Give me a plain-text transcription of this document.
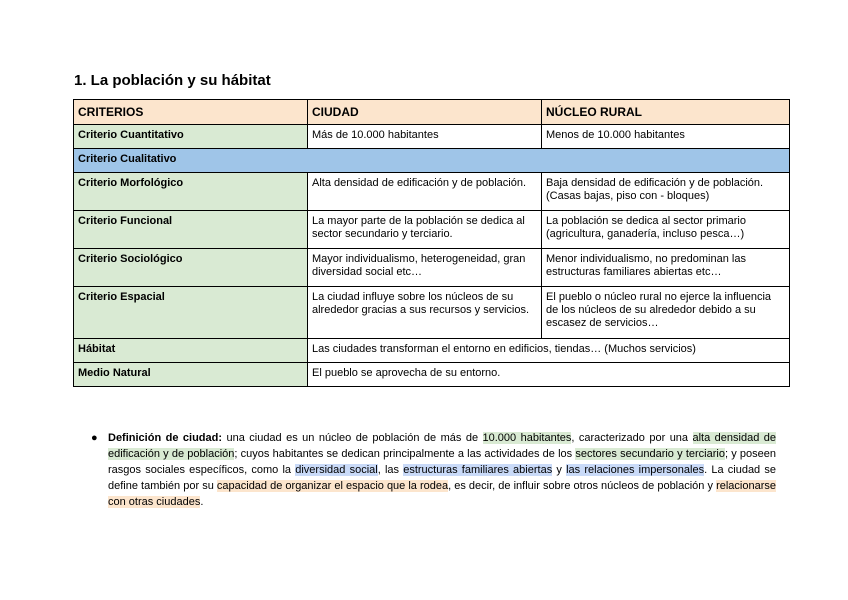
1. La población y su hábitat
CRITERIOS	CIUDAD	NÚCLEO RURAL
Criterio Cuantitativo	Más de 10.000 habitantes	Menos de 10.000 habitantes
Criterio Cualitativo		
Criterio Morfológico	Alta densidad de edificación y de población.	Baja densidad de edificación y de población. (Casas bajas, piso con - bloques)
Criterio Funcional	La mayor parte de la población se dedica al sector secundario y terciario.	La población se dedica al sector primario (agricultura, ganadería, incluso pesca…)
Criterio Sociológico	Mayor individualismo, heterogeneidad, gran diversidad social etc…	Menor individualismo, no predominan las estructuras familiares abiertas etc…
Criterio Espacial	La ciudad influye sobre los núcleos de su alrededor gracias a sus recursos y servicios.	El pueblo o núcleo rural no ejerce la influencia de los núcleos de su alrededor debido a su escasez de servicios…
Hábitat	Las ciudades transforman el entorno en edificios, tiendas… (Muchos servicios)	
Medio Natural	El pueblo se aprovecha de su entorno.	
● Definición de ciudad: una ciudad es un núcleo de población de más de 10.000 habitantes, caracterizado por una alta densidad de edificación y de población; cuyos habitantes se dedican principalmente a las actividades de los sectores secundario y terciario; y poseen rasgos sociales específicos, como la diversidad social, las estructuras familiares abiertas y las relaciones impersonales. La ciudad se define también por su capacidad de organizar el espacio que la rodea, es decir, de influir sobre otros núcleos de población y relacionarse con otras ciudades.
